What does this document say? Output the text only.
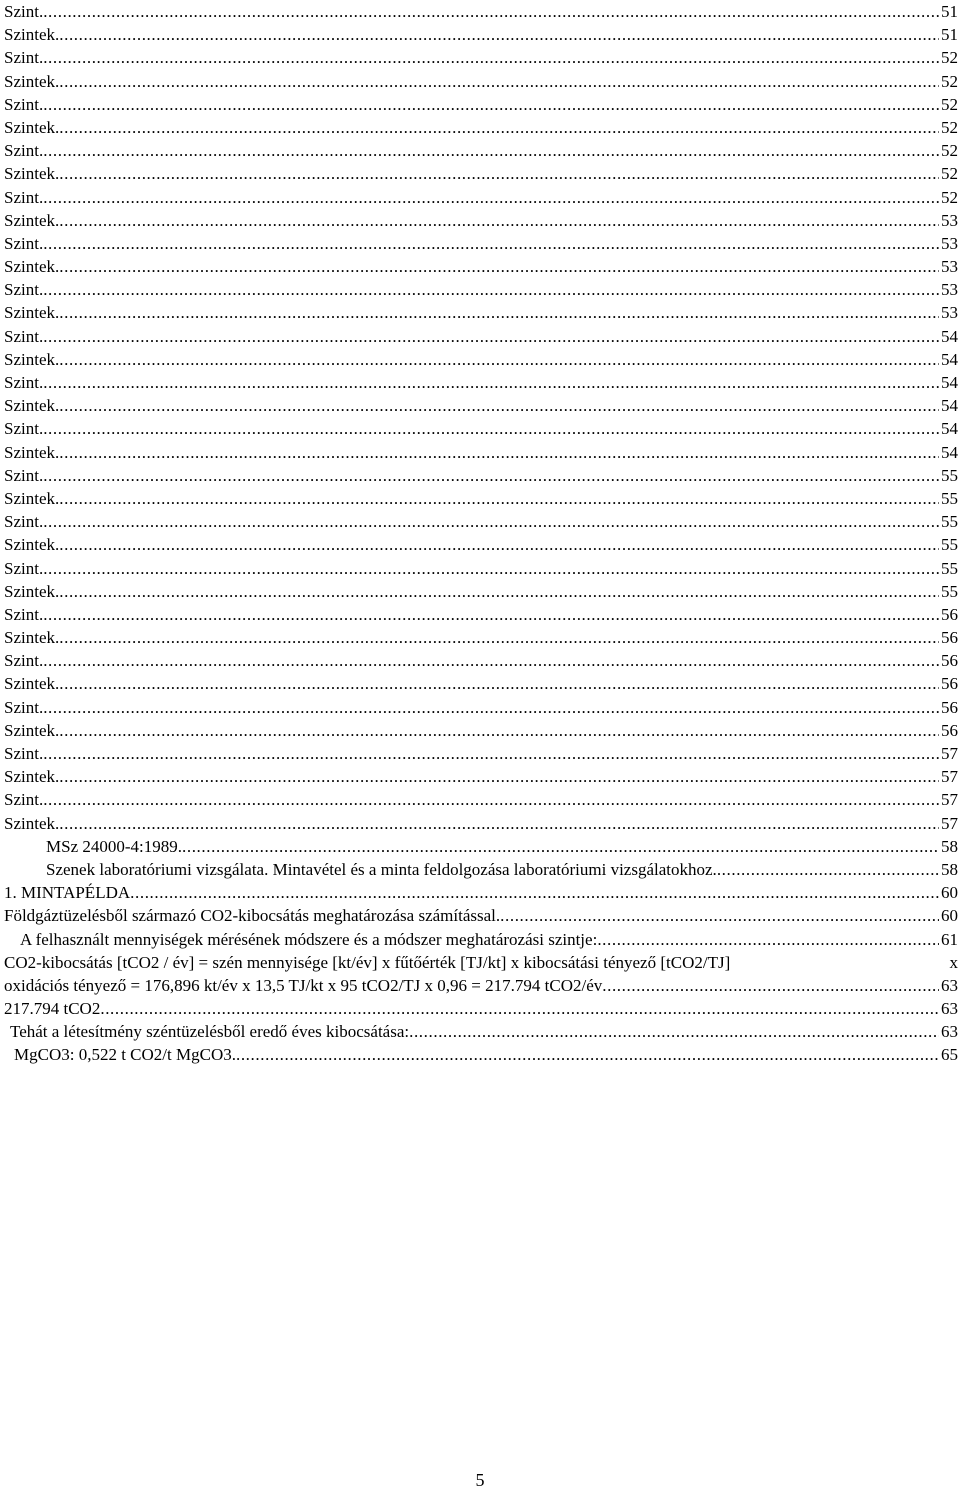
Szint. .....	51
Szintek. .....	51
Szint. .....	52
Szintek. .....	52
Szint. .....	52
Szintek. .....	52
Szint. .....	52
Szintek. .....	52
Szint. .....	52
Szintek. .....	53
Szint. .....	53
Szintek. .....	53
Szint. .....	53
Szintek. .....	53
Szint. .....	54
Szintek. .....	54
Szint. .....	54
Szintek. .....	54
Szint. .....	54
Szintek. .....	54
Szint. .....	55
Szintek. .....	55
Szint. .....	55
Szintek. .....	55
Szint. .....	55
Szintek. .....	55
Szint. .....	56
Szintek. .....	56
Szint. .....	56
Szintek. .....	56
Szint. .....	56
Szintek. .....	56
Szint. .....	57
Szintek. .....	57
Szint. .....	57
Szintek. .....	57
MSz 24000-4:1989. .....	58
Szenek laboratóriumi vizsgálata. Mintavétel és a minta feldolgozása laboratóriumi vizsgálatokhoz. .....	58
1. MINTAPÉLDA .....	60
Földgáztüzelésből származó CO2-kibocsátás meghatározása számítással. .....	60
A felhasznált mennyiségek mérésének módszere és a módszer meghatározási szintje: .....	61
CO2-kibocsátás [tCO2 / év] = szén mennyisége [kt/év] x fűtőérték [TJ/kt] x kibocsátási tényező [tCO2/TJ]	x
oxidációs tényező = 176,896 kt/év x 13,5 TJ/kt x 95 tCO2/TJ x 0,96 = 217.794 tCO2/év .....	63
217.794 tCO2 .....	63
Tehát a létesítmény széntüzelésből eredő éves kibocsátása: .....	63
MgCO3: 0,522 t CO2/t MgCO3. .....	65
5
